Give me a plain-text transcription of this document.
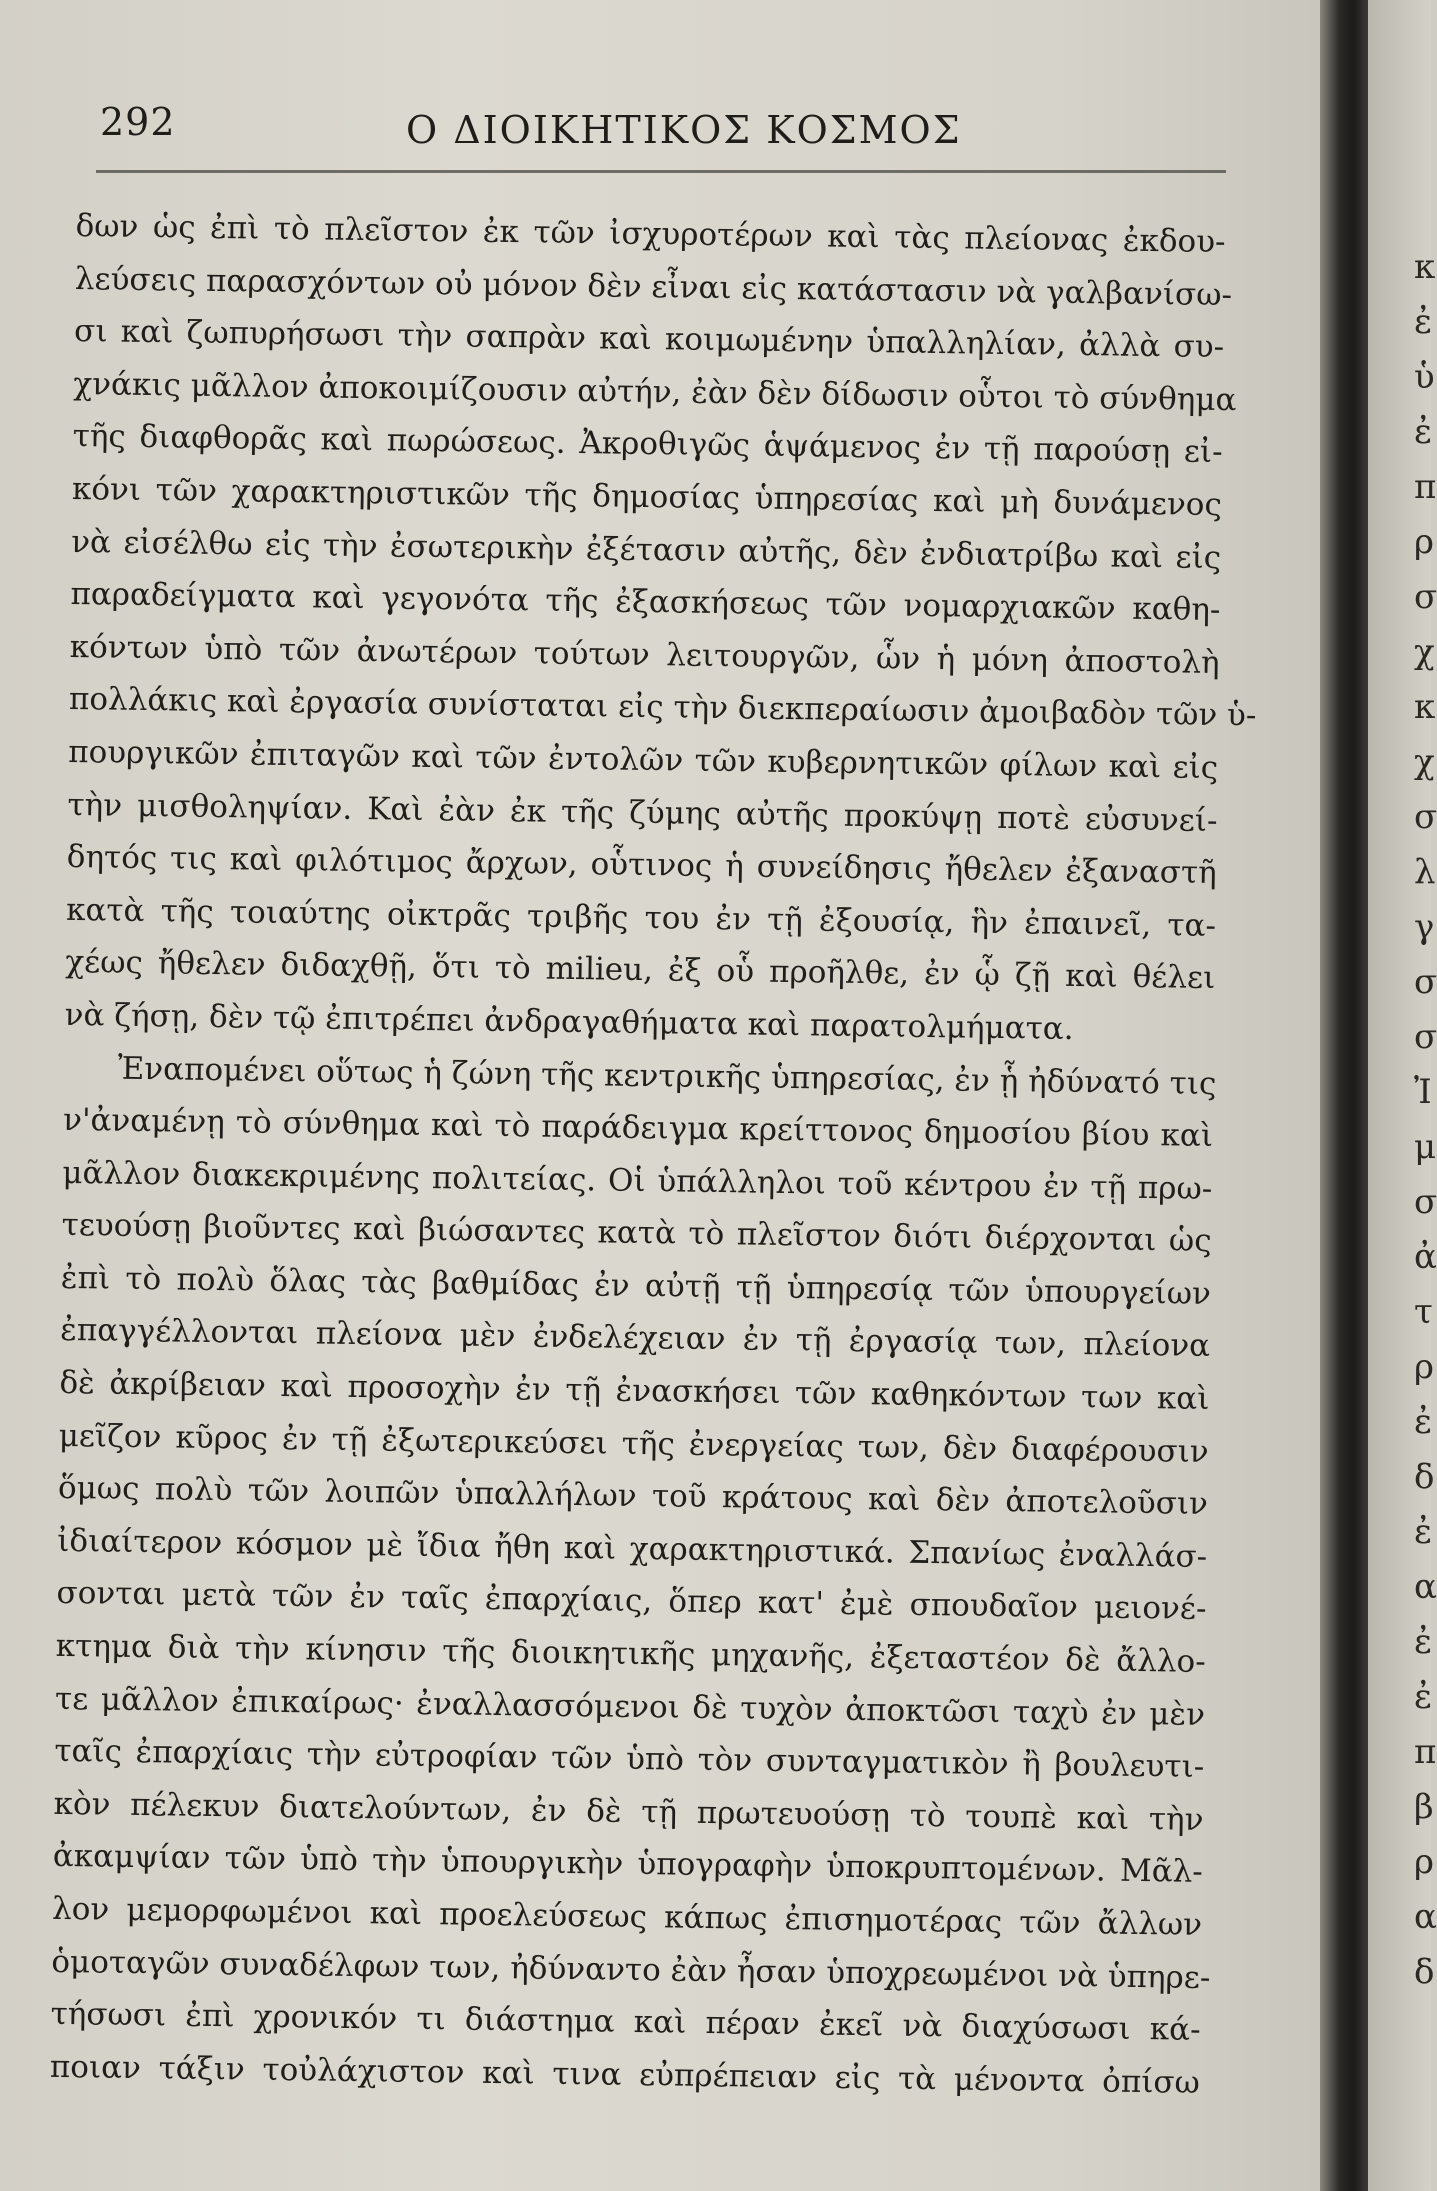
292	Ο ΔΙΟΙΚΗΤΙΚΟΣ ΚΟΣΜΟΣ
δων ὡς ἐπὶ τὸ πλεῖστον ἐκ τῶν ἰσχυροτέρων καὶ τὰς πλείονας ἐκδου-
λεύσεις παρασχόντων οὐ μόνον δὲν εἶναι εἰς κατάστασιν νὰ γαλβανίσω-
σι καὶ ζωπυρήσωσι τὴν σαπρὰν καὶ κοιμωμένην ὑπαλληλίαν, ἀλλὰ συ-
χνάκις μᾶλλον ἀποκοιμίζουσιν αὐτήν, ἐὰν δὲν δίδωσιν οὗτοι τὸ σύνθημα
τῆς διαφθορᾶς καὶ πωρώσεως. Ἀκροθιγῶς ἁψάμενος ἐν τῇ παρούσῃ εἰ-
κόνι τῶν χαρακτηριστικῶν τῆς δημοσίας ὑπηρεσίας καὶ μὴ δυνάμενος
νὰ εἰσέλθω εἰς τὴν ἐσωτερικὴν ἐξέτασιν αὐτῆς, δὲν ἐνδιατρίβω καὶ εἰς
παραδείγματα καὶ γεγονότα τῆς ἐξασκήσεως τῶν νομαρχιακῶν καθη-
κόντων ὑπὸ τῶν ἀνωτέρων τούτων λειτουργῶν, ὧν ἡ μόνη ἀποστολὴ
πολλάκις καὶ ἐργασία συνίσταται εἰς τὴν διεκπεραίωσιν ἀμοιβαδὸν τῶν ὑ-
πουργικῶν ἐπιταγῶν καὶ τῶν ἐντολῶν τῶν κυβερνητικῶν φίλων καὶ εἰς
τὴν μισθοληψίαν. Καὶ ἐὰν ἐκ τῆς ζύμης αὐτῆς προκύψῃ ποτὲ εὐσυνεί-
δητός τις καὶ φιλότιμος ἄρχων, οὗτινος ἡ συνείδησις ἤθελεν ἐξαναστῆ
κατὰ τῆς τοιαύτης οἰκτρᾶς τριβῆς του ἐν τῇ ἐξουσίᾳ, ἣν ἐπαινεῖ, τα-
χέως ἤθελεν διδαχθῇ, ὅτι τὸ milieu, ἐξ οὗ προῆλθε, ἐν ᾧ ζῇ καὶ θέλει
νὰ ζήσῃ, δὲν τῷ ἐπιτρέπει ἀνδραγαθήματα καὶ παρατολμήματα.
Ἐναπομένει οὕτως ἡ ζώνη τῆς κεντρικῆς ὑπηρεσίας, ἐν ᾗ ἠδύνατό τις
ν'ἀναμένῃ τὸ σύνθημα καὶ τὸ παράδειγμα κρείττονος δημοσίου βίου καὶ
μᾶλλον διακεκριμένης πολιτείας. Οἱ ὑπάλληλοι τοῦ κέντρου ἐν τῇ πρω-
τευούσῃ βιοῦντες καὶ βιώσαντες κατὰ τὸ πλεῖστον διότι διέρχονται ὡς
ἐπὶ τὸ πολὺ ὅλας τὰς βαθμίδας ἐν αὐτῇ τῇ ὑπηρεσίᾳ τῶν ὑπουργείων
ἐπαγγέλλονται πλείονα μὲν ἐνδελέχειαν ἐν τῇ ἐργασίᾳ των, πλείονα
δὲ ἀκρίβειαν καὶ προσοχὴν ἐν τῇ ἐνασκήσει τῶν καθηκόντων των καὶ
μεῖζον κῦρος ἐν τῇ ἐξωτερικεύσει τῆς ἐνεργείας των, δὲν διαφέρουσιν
ὅμως πολὺ τῶν λοιπῶν ὑπαλλήλων τοῦ κράτους καὶ δὲν ἀποτελοῦσιν
ἰδιαίτερον κόσμον μὲ ἴδια ἤθη καὶ χαρακτηριστικά. Σπανίως ἐναλλάσ-
σονται μετὰ τῶν ἐν ταῖς ἐπαρχίαις, ὅπερ κατ' ἐμὲ σπουδαῖον μειονέ-
κτημα διὰ τὴν κίνησιν τῆς διοικητικῆς μηχανῆς, ἐξεταστέον δὲ ἄλλο-
τε μᾶλλον ἐπικαίρως· ἐναλλασσόμενοι δὲ τυχὸν ἀποκτῶσι ταχὺ ἐν μὲν
ταῖς ἐπαρχίαις τὴν εὐτροφίαν τῶν ὑπὸ τὸν συνταγματικὸν ἢ βουλευτι-
κὸν πέλεκυν διατελούντων, ἐν δὲ τῇ πρωτευούσῃ τὸ τουπὲ καὶ τὴν
ἀκαμψίαν τῶν ὑπὸ τὴν ὑπουργικὴν ὑπογραφὴν ὑποκρυπτομένων. Μᾶλ-
λον μεμορφωμένοι καὶ προελεύσεως κάπως ἐπισημοτέρας τῶν ἄλλων
ὁμοταγῶν συναδέλφων των, ἠδύναντο ἐὰν ἦσαν ὑποχρεωμένοι νὰ ὑπηρε-
τήσωσι ἐπὶ χρονικόν τι διάστημα καὶ πέραν ἐκεῖ νὰ διαχύσωσι κά-
ποιαν τάξιν τοὐλάχιστον καὶ τινα εὐπρέπειαν εἰς τὰ μένοντα ὀπίσω
κ
ἐ
ὑ
ἐ
π
ρ
σ
χ
κ
χ
σ
λ
γ
σ
σ
Ἰ
μ
σ
ἀ
τ
ρ
ἐ
δ
ἐ
α
ἐ
ἐ
π
β
ρ
α
δ
